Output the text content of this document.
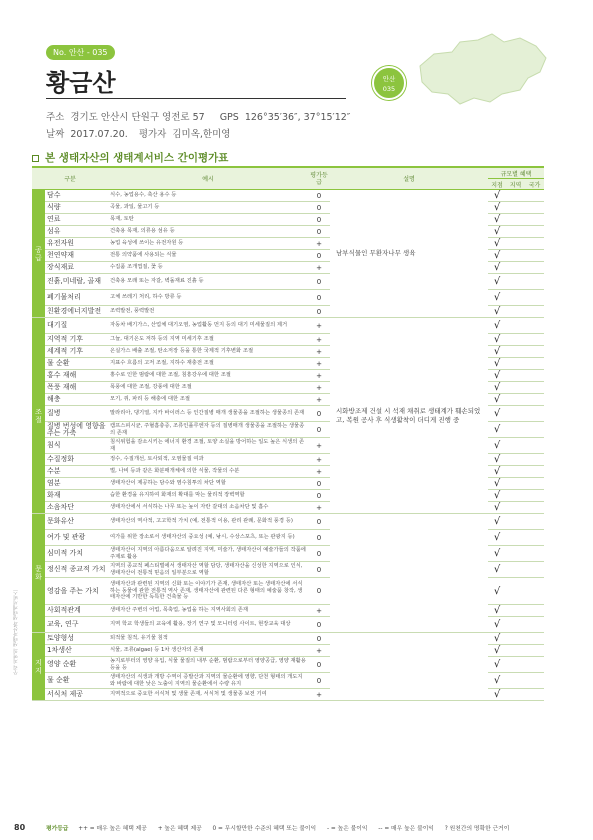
No. 안산 - 035
황금산	안산
035
주소 경기도 안산시 단원구 영전로 57 GPS 126°35′36″, 37°15′12″
날짜 2017.07.20. 평가자 김미옥,한미영
본 생태자산의 생태계서비스 간이평가표
구분		예시	평가등급	설명	규모별 혜택		
					지점	지역	국가
공급	담수	식수, 농업용수, 축산 용수 등	0	남부식물인 무환자나무 생육	√		
	식량	곡물, 과일, 물고기 등	0		√		
	연료	목재, 토탄	0		√		
	섬유	건축용 목재, 의류용 섬유 등	0		√		
	유전자원	농업 육성에 쓰이는 유전자원 등	+		√		
	천연약재	전통 의약품에 사용되는 식물	0		√		
	장식재료	수집품 조개껍질, 꽃 등	+		√		
	진흙,미네랄, 골재	건축용 모래 또는 자갈, 벽돌재료 진흙 등	0		√		
	폐기물처리	고체 쓰레기 처리, 하수 방류 등	0		√		
	친환경에너지발전	조력발전, 풍력발전	0		√		
조절	대기질	자동차 배기가스, 산업체 대기오염, 농업활동 먼지 등의 대기 미세물질의 제거	+	시화방조제 건설 시 석재 채취로 생태계가 훼손되었고, 복원 공사 후 식생활착이 더디게 진행 중	√		
	지역적 기후	그늘, 대기온도 저하 등의 지역 미세기후 조절	+		√		
	세계적 기후	온실가스 배출 조절, 탄소저장 등을 통한 국제적 기후변화 조절	+		√		
	물 순환	지표수 흐름의 고저 조절, 지하수 재충전 조절	+		√		
	홍수 재해	홍수로 인한 범람에 대한 조절, 침흥강우에 대한 조절	+		√		
	폭풍 재해	폭풍에 대한 조절, 강풍에 대한 조절	+		√		
	해충	모기, 쥐, 파리 등 해충에 대한 조절	+		√		
	질병	말라리아, 댕기열, 지카 바이러스 등 인간질병 매개 생물종을 조절하는 생물종의 존재	0		√		
	질병 번성에 영향을 주는 가축	캠프스피시균, 주혈흡충증, 조류인플루엔자 등의 질병매개 생물종을 조절하는 생물종의 존재	0		√		
	침식	침식위험을 감소시키는 에너지 환경 조절, 토양 소실을 방어하는 일도 높은 식생의 존재	+		√		
	수질정화	정수, 수질개선, 토사퇴적, 오염물질 여과	+		√		
	수분	벌, 나비 등과 같은 화분매개체에 의한 식물, 작물의 수분	+		√		
	염분	생태자산이 제공하는 담수와 염수침투의 차단 역할	0		√		
	화재	습한 환경을 유지하여 화재의 확대를 막는 물리적 장벽역할	0		√		
	소음차단	생태자산에서 서식하는 나무 또는 높이 자란 갈대의 소음차단 및 흡수	+		√		
문화	문화유산	생태자산의 역사적, 고고학적 가치 (예, 전통적 이용, 관리 관례, 문화적 풍경 등)	0		√		
	여가 및 관광	여가를 위한 장소로서 생태자산의 중요성 (예, 낚시, 수상스포츠, 또는 관광지 등)	0		√		
	심미적 가치	생태자산이 지역의 아름다움으로 알려진 지역, 미술가, 생태자산이 예술가들의 작품에 주제로 활용	0		√		
	정신적 종교적 가치	지역의 종교적 페스티벌에서 생태자산 역할 담당, 생태자산을 신성한 지역으로 인식, 생태자산이 전통적 믿음의 일부분으로 역할	0		√		
	영감을 주는 가치	생태자산과 관련된 지역의 신화 또는 이야기가 존재, 생태자산 또는 생태자산에 서식하는 동물에 관한 전통적 역사 존재, 생태자산에 관련된 다른 형태의 예술품 창작, 생태자산에 기반한 독특한 건축물 등	0		√		
	사회적관계	생태자산 주변의 어업, 목축업, 농업을 하는 지역사회의 존재	+		√		
	교육, 연구	지역 학교 학생들의 교육에 활용, 장기 연구 및 모니터링 사이트, 현장교육 대상	0		√		
지지	토양형성	퇴적물 침적, 유기물 침적	0		√		
	1차생산	식물, 조류(algae) 등 1차 생산자의 존재	+		√		
	영양 순환	농지로부터의 영양 유입, 식물 물질의 내부 순환, 범람으로부터 영양공급, 영양 재활용 등을 등	0		√		
	물 순환	생태자산의 식생과 개방 수역이 증발산과 지역의 물순환에 영향, 단천 형태의 개도지와 바람에 대한 낮은 노출이 지역의 물순환에서 수량 유지	0		√		
	서식처 제공	지역적으로 중요한 서식처 및 생물 존재, 서식처 및 생물종 보전 기여	+		√		
우리 지역의 생태자산과 생태계서비스
80	평가등급 ++ = 매우 높은 혜택 제공 + 높은 혜택 제공 0 = 무시할만한 수준의 혜택 또는 불이익 - = 높은 불이익 -- = 매우 높은 불이익 ? 원천간의 명확한 근거이
